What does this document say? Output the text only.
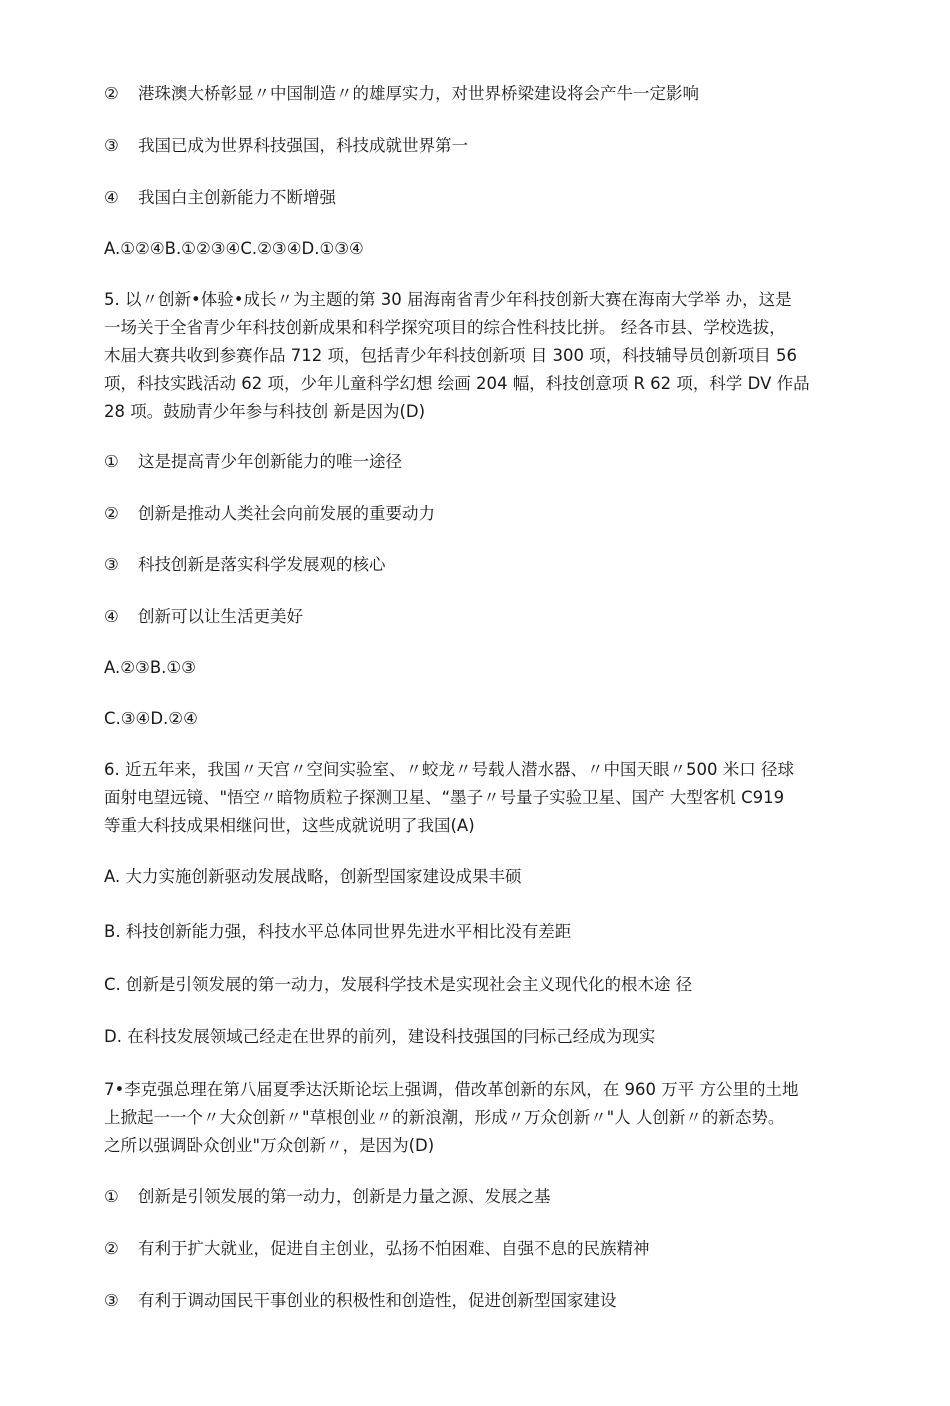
②	港珠澳大桥彰显〃中国制造〃的雄厚实力，对世界桥梁建设将会产牛一定影响
③	我国已成为世界科技强国，科技成就世界第一
④	我国白主创新能力不断增强
A.①②④B.①②③④C.②③④D.①③④
5. 以〃创新•体验•成长〃为主题的第 30 届海南省青少年科技创新大赛在海南大学举 办，这是
一场关于全省青少年科技创新成果和科学探究项目的综合性科技比拼。 经各市县、学校选拔，
木届大赛共收到参赛作品 712 项，包括青少年科技创新项 目 300 项，科技辅导员创新项目 56
项，科技实践活动 62 项，少年儿童科学幻想 绘画 204 幅，科技创意项 R 62 项，科学 DV 作品
28 项。鼓励青少年参与科技创 新是因为(D)
①	这是提高青少年创新能力的唯一途径
②	创新是推动人类社会向前发展的重要动力
③	科技创新是落实科学发展观的核心
④	创新可以让生活更美好
A.②③B.①③
C.③④D.②④
6. 近五年来，我国〃天宫〃空间实验室、〃蛟龙〃号载人潜水器、〃中国天眼〃500 米口 径球
面射电望远镜、"悟空〃暗物质粒子探测卫星、“墨子〃号量子实验卫星、国产 大型客机 C919
等重大科技成果相继问世，这些成就说明了我国(A)
A. 大力实施创新驱动发展战略，创新型国家建设成果丰硕
B. 科技创新能力强，科技水平总体同世界先进水平相比没有差距
C. 创新是引领发展的第一动力，发展科学技术是实现社会主义现代化的根木途 径
D. 在科技发展领域己经走在世界的前列，建设科技强国的冃标己经成为现实
7•李克强总理在第八届夏季达沃斯论坛上强调，借改革创新的东风，在 960 万平 方公里的土地
上掀起一一个〃大众创新〃"草根创业〃的新浪潮，形成〃万众创新〃"人 人创新〃的新态势。
之所以强调卧众创业"万众创新〃，是因为(D)
①	创新是引领发展的第一动力，创新是力量之源、发展之基
②	有利于扩大就业，促进自主创业，弘扬不怕困难、自强不息的民族精神
③	有利于调动国民干事创业的积极性和创造性，促进创新型国家建设
